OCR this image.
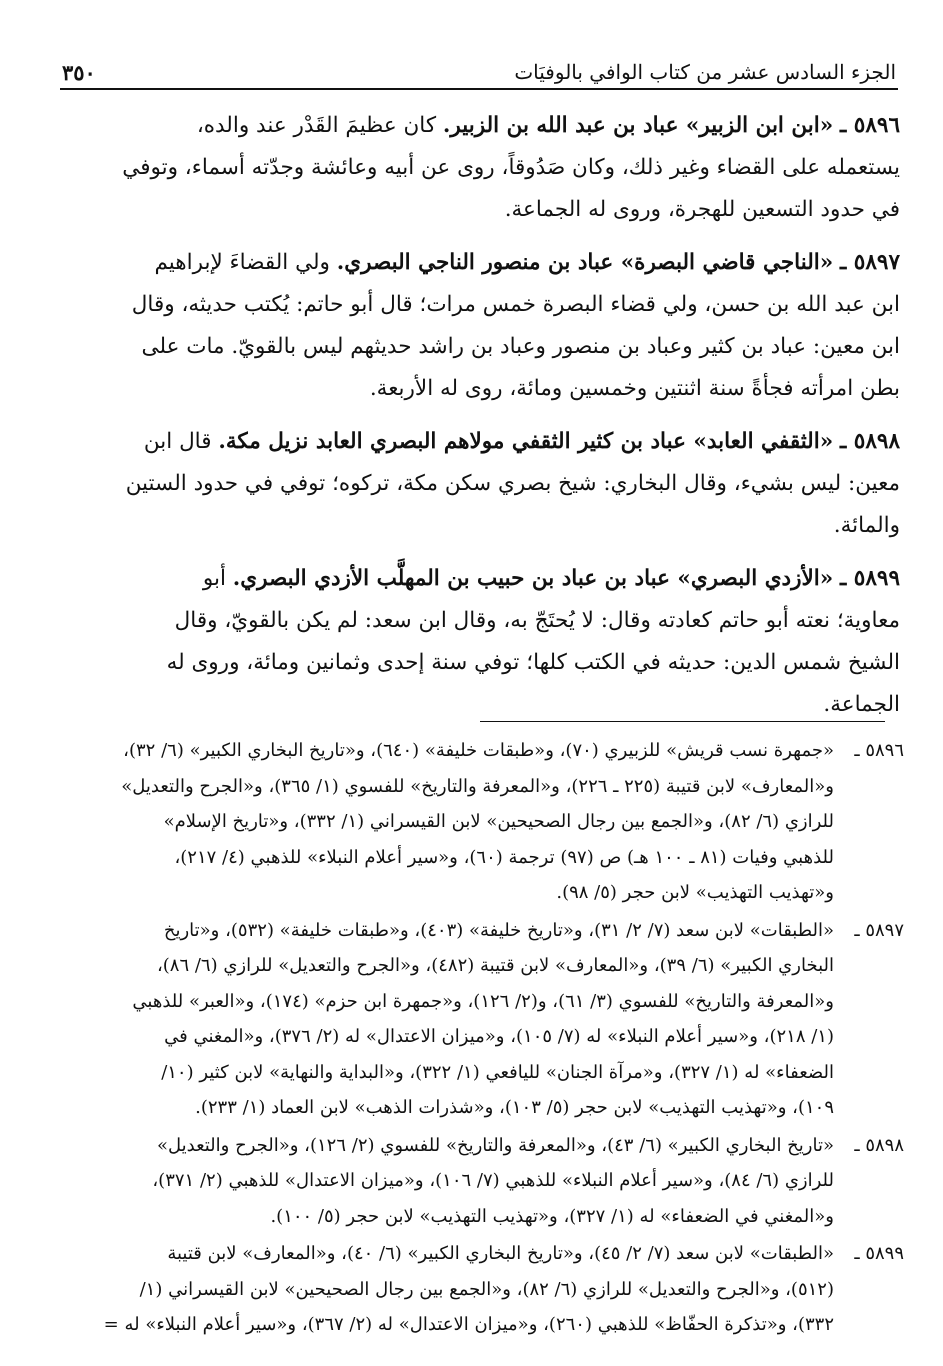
٣٥٠	الجزء السادس عشر من كتاب الوافي بالوفيَات
٥٨٩٦ ـ «ابن ابن الزبير» عباد بن عبد الله بن الزبير. كان عظيمَ القَدْر عند والده،
يستعمله على القضاء وغير ذلك، وكان صَدُوقاً، روى عن أبيه وعائشة وجدّته أسماء، وتوفي
في حدود التسعين للهجرة، وروى له الجماعة.
٥٨٩٧ ـ «الناجي قاضي البصرة» عباد بن منصور الناجي البصري. ولي القضاءَ لإبراهيم
ابن عبد الله بن حسن، ولي قضاء البصرة خمس مرات؛ قال أبو حاتم: يُكتب حديثه، وقال
ابن معين: عباد بن كثير وعباد بن منصور وعباد بن راشد حديثهم ليس بالقويّ. مات على
بطن امرأته فجأةً سنة اثنتين وخمسين ومائة، روى له الأربعة.
٥٨٩٨ ـ «الثقفي العابد» عباد بن كثير الثقفي مولاهم البصري العابد نزيل مكة. قال ابن
معين: ليس بشيء، وقال البخاري: شيخ بصري سكن مكة، تركوه؛ توفي في حدود الستين
والمائة.
٥٨٩٩ ـ «الأزدي البصري» عباد بن عباد بن حبيب بن المهلَّب الأزدي البصري. أبو
معاوية؛ نعته أبو حاتم كعادته وقال: لا يُحتَجّ به، وقال ابن سعد: لم يكن بالقويّ، وقال
الشيخ شمس الدين: حديثه في الكتب كلها؛ توفي سنة إحدى وثمانين ومائة، وروى له
الجماعة.
٥٨٩٦ ـ
«جمهرة نسب قريش» للزبيري (٧٠)، و«طبقات خليفة» (٦٤٠)، و«تاريخ البخاري الكبير» (٦/ ٣٢)،
و«المعارف» لابن قتيبة (٢٢٥ ـ ٢٢٦)، و«المعرفة والتاريخ» للفسوي (١/ ٣٦٥)، و«الجرح والتعديل»
للرازي (٦/ ٨٢)، و«الجمع بين رجال الصحيحين» لابن القيسراني (١/ ٣٣٢)، و«تاريخ الإسلام»
للذهبي وفيات (٨١ ـ ١٠٠ هـ) ص (٩٧) ترجمة (٦٠)، و«سير أعلام النبلاء» للذهبي (٤/ ٢١٧)،
و«تهذيب التهذيب» لابن حجر (٥/ ٩٨).
٥٨٩٧ ـ
«الطبقات» لابن سعد (٧/ ٢/ ٣١)، و«تاريخ خليفة» (٤٠٣)، و«طبقات خليفة» (٥٣٢)، و«تاريخ
البخاري الكبير» (٦/ ٣٩)، و«المعارف» لابن قتيبة (٤٨٢)، و«الجرح والتعديل» للرازي (٦/ ٨٦)،
و«المعرفة والتاريخ» للفسوي (٣/ ٦١)، و(٢/ ١٢٦)، و«جمهرة ابن حزم» (١٧٤)، و«العبر» للذهبي
(١/ ٢١٨)، و«سير أعلام النبلاء» له (٧/ ١٠٥)، و«ميزان الاعتدال» له (٢/ ٣٧٦)، و«المغني في
الضعفاء» له (١/ ٣٢٧)، و«مرآة الجنان» لليافعي (١/ ٣٢٢)، و«البداية والنهاية» لابن كثير (١٠/
١٠٩)، و«تهذيب التهذيب» لابن حجر (٥/ ١٠٣)، و«شذرات الذهب» لابن العماد (١/ ٢٣٣).
٥٨٩٨ ـ
«تاريخ البخاري الكبير» (٦/ ٤٣)، و«المعرفة والتاريخ» للفسوي (٢/ ١٢٦)، و«الجرح والتعديل»
للرازي (٦/ ٨٤)، و«سير أعلام النبلاء» للذهبي (٧/ ١٠٦)، و«ميزان الاعتدال» للذهبي (٢/ ٣٧١)،
و«المغني في الضعفاء» له (١/ ٣٢٧)، و«تهذيب التهذيب» لابن حجر (٥/ ١٠٠).
٥٨٩٩ ـ
«الطبقات» لابن سعد (٧/ ٢/ ٤٥)، و«تاريخ البخاري الكبير» (٦/ ٤٠)، و«المعارف» لابن قتيبة
(٥١٢)، و«الجرح والتعديل» للرازي (٦/ ٨٢)، و«الجمع بين رجال الصحيحين» لابن القيسراني (١/
٣٣٢)، و«تذكرة الحفّاظ» للذهبي (٢٦٠)، و«ميزان الاعتدال» له (٢/ ٣٦٧)، و«سير أعلام النبلاء» له =
